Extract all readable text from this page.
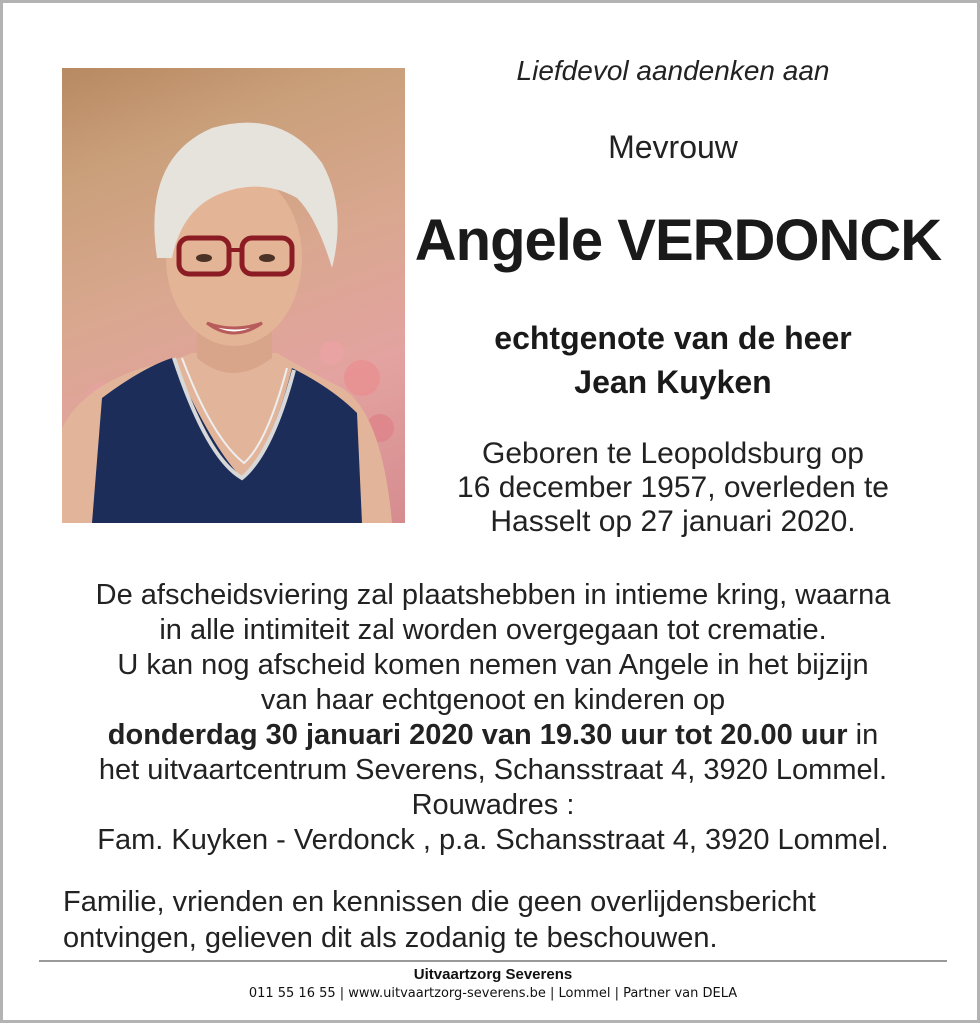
Liefdevol aandenken aan
Mevrouw
Angele VERDONCK
echtgenote van de heer
Jean Kuyken
Geboren te Leopoldsburg op
16 december 1957, overleden te
Hasselt op 27 januari 2020.
De afscheidsviering zal plaatshebben in intieme kring, waarna
in alle intimiteit zal worden overgegaan tot crematie.
U kan nog afscheid komen nemen van Angele in het bijzijn
van haar echtgenoot en kinderen op
donderdag 30 januari 2020 van 19.30 uur tot 20.00 uur in
het uitvaartcentrum Severens, Schansstraat 4, 3920 Lommel.
Rouwadres :
Fam. Kuyken - Verdonck , p.a. Schansstraat 4, 3920 Lommel.
Familie, vrienden en kennissen die geen overlijdensbericht
ontvingen, gelieven dit als zodanig te beschouwen.
Uitvaartzorg Severens
011 55 16 55 | www.uitvaartzorg-severens.be | Lommel | Partner van DELA
